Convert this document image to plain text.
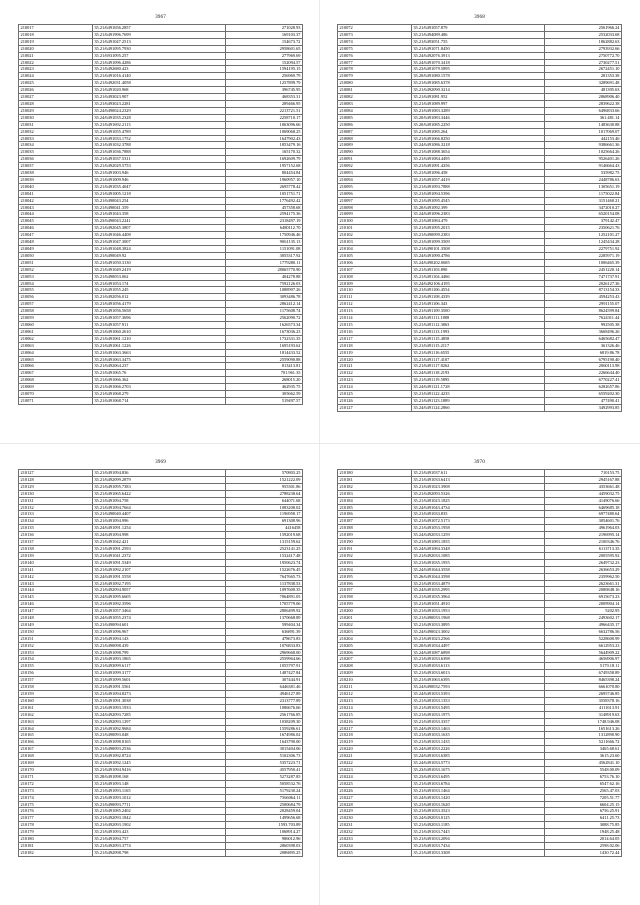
3967
210017	35.21/6491656.2857	271028.93
210018	35.21/6491996.7699	169103.37
210019	35.21/6491047.2513	154673.72
210020	35.21/6491095.7930	2958601.65
210021	35.21/6931095.257	277969.69
210022	35.21/6491096.4286	152094.57
210023	35.21/6492680.423	1594195.15
210024	35.21/6491016.4140	256969.79
210025	35.21/6492031.4058	1257899.79
210026	35.21/6491020.968	396745.95
210027	35.21/6493023.907	468353.31
210028	35.21/6493023.2281	289466.95
210029	35.24/6490024.2329	2213721.51
210030	35.24/6491035.2328	2258710.17
210031	35.21/6491692.2113	1063096.66
210032	35.21/6491055.4789	1069068.25
210033	35.21/6491033.1752	1647902.43
210034	35.21/6491032.3788	1853479.16
210035	35.21/6491036.7888	165170.32
210036	35.21/6491037.5311	1692609.79
210037	35.21/6492029.5753	1957152.68
210038	35.21/6491003.946	804454.84
210039	35.21/6491009.946	1960957.10
210040	35.21/6491035.4047	2695778.42
210041	35.21/6491005.1218	1051751.71
210042	35.21/6490043.254	1776492.42
210043	35.21/6490041.359	457358.68
210044	35.21/6491043.358	2594175.36
210045	35.23/6490043.2241	2318497.19
210046	35.21/6492045.3807	6480112.70
210047	35.21/6491046.4408	1750946.46
210048	35.21/6491047.3007	9061135.13
210049	35.21/6491048.3824	1151091.08
210050	35.21/6490049.92	3055317.92
210051	35.21/6491050.3130	1779280.11
210052	35.21/6491049.2419	28065770.90
210053	35.21/6490053.062	404278.88
210054	35.21/6491053.174	7592126.03
210055	35.21/6491055.245	1088997.26
210056	35.21/6492056.012	3093486.78
210057	35.21/6491056.4179	2862412.14
210058	35.21/6491056.5658	1175608.74
210059	35.21/6491057.3696	2562090.72
210060	35.21/6491057.911	1626573.34
210061	35.21/6491060.2610	1673036.23
210062	35.21/6491061.1210	1732331.35
210063	35.21/6491061.1226	1695193.62
210064	35.21/6491063.3663	1814433.52
210065	35.21/6491063.3475	2559090.88
210066	35.21/6492064.237	813413.81
210067	35.21/6491065.76	701.961.35
210068	35.21/6491066.362	268015.20
210069	35.21/6491066.2703	462935.75
210070	35.21/6491068.279	305662.59
210071	35.21/6491068.714	519497.57
3968
210072	35.21/6491057.879	2561966.24
210073	35.21/6494089.486	2532033.68
210074	35.21/6493051.755	1862882.63
210075	35.21/6491071.8450	2793932.66
210076	35.24/6492076.3913	2750772.70
210077	35.24/6491070.3418	2730277.51
210078	35.23/6491079.5895	2672451.10
210079	35.20/6491080.1578	281353.38
210080	35.21/6491085.6378	3289691.48
210081	35.21/6492090.3214	481395.63
210082	35.21/6491081.952	2868906.40
210083	35.21/6491089.997	2839622.38
210084	35.21/6491083.3289	6496833.66
210085	35.20/6491083.3446	361.481.14
210086	35.20/6491085.2250	1483630.88
210087	35.21/6491085.264	1017069.07
210088	35.21/6491066.8250	442153.46
210089	35.24/6491086.3218	9386661.36
210090	35.21/6491088.3654	1025664.26
210091	35.21/6491084.4495	9526401.26
210092	35.21/6491091.4256	9146664.43
210093	35.21/6491096.458	535982.75
210094	35.21/6491057.4419	2448786.63
210095	35.21/6491093.7888	1305651.19
210096	35.21/6491094.5396	1175022.84
210097	35.21/6491095.4545	3151460.21
210098	35.20/6491092.399	3472010.27
210099	35.24/6491096.2383	6520154.08
210100	35.21/6491084.479	379142.47
210101	35.21/6491095.2015	2350621.76
210102	35.21/6490099.2383	1252101.27
210103	35.21/6491099.3509	1245434.28
210104	35.21/6490101.3508	2279751.92
210105	35.24/6491090.4786	2285971.19
210106	35.24/6490202.0685	1006465.39
210107	35.21/6491103.890	2451220.14
210108	35.21/6491104.4466	7471737.91
210109	35.24/6492106.4195	2026127.36
210110	35.21/6491106.4554	8713154.33
210111	35.21/6491108.4339	4594253.43
210112	35.21/6491106.343	2991155.07
210113	35.21/6491109.3500	8624599.84
210114	35.24/6491111.1888	7624311.44
210115	35.21/6491112.3863	992505.38
210116	35.21/6491113.1993	3668496.26
210117	35.21/6491115.4858	6465682.47
210118	35.21/6491115.2117	361326.46
210119	35.21/6491116.6555	6819.86.78
210120	35.21/6491117.4107	6795190.40
210121	35.21/6491117.8262	2060113.98
210122	35.24/6491118.2193	2266644.40
210123	35.21/6491119.5895	6770227.41
210124	35.24/6491121.1728	6282657.86
210125	35.21/6491122.4235	6559202.30
210126	35.21/6491123.1889	477490.41
210127	35.24/6491124.2866	3492993.85
3969
210127	35.21/6491094.836	570803.25
210128	35.21/6492099.2879	1521222.09
210129	35.21/6491095.7383	955301.86
210130	35.21/6491065.6422	2788238.64
210131	35.21/6491094.758	644071.68
210132	35.21/6491094.7664	1083208.02
210133	35.21/6490040.4407	1196958.17
210134	35.21/6491094.996	691308.96
210135	35.24/6491091.1254	4416458
210136	35.24/6491094.998	1592019.68
210137	35.21/6491042.421	1315159.62
210138	35.21/6491091.2593	2523141.25
210139	35.21/6491041.2372	1532417.48
210140	35.21/6491091.5349	1950623.74
210141	35.21/6491092.2107	1522676.45
210142	35.24/6491091.5558	7647665.73
210143	35.21/6491092.7195	1137838.53
210144	35.21/6492094.9057	1097600.35
210145	35.24/6491095.6605	7064891.05
210146	35.21/6491092.3596	1705779.06
210147	35.21/6491057.3464	2806499.92
210148	35.24/6491055.2374	1370668.89
210149	35.21/6490094.601	599404.34
210150	35.21/6491096.967	636891.39
210151	35.21/6491094.143	478673.83
210152	35.21/6490098.439	1076833.83
210153	35.21/6491098.799	2969668.00
210154	35.21/6491093.1865	2559964.66
210155	35.21/6493099.6117	1055797.91
210156	35.21/6491099.3177	1487427.84
210157	35.21/6491099.5601	307444.91
210158	35.21/6491091.5561	6446381.46
210159	35.21/6491094.8273	4946127.89
210160	35.21/6491091.3038	2313777.89
210161	35.21/6491093.1933	1086676.66
210162	35.24/6492093.7285	2561766.85
210163	35.21/6492093.1297	1038209.30
210164	35.21/6491092.9684	1559286.61
210165	35.21/6490093.048	1674986.02
210166	35.21/6491098.8165	1643790.00
210167	35.21/6490093.2536	3015404.06
210168	35.21/6491092.8724	5102306.73
210169	35.21/6491092.1245	5357223.71
210170	35.21/6491094.9416	4557950.41
210171	35.28/6491098.168	5273287.85
210172	35.21/6491093.148	5058532.76
210173	35.21/6491093.1165	5179230.24
210174	35.21/6491093.1012	7566064.11
210175	35.21/6490093.7711	2500684.79
210176	35.21/6491085.2402	2028459.04
210177	35.21/6492093.1842	1499656.68
210178	35.21/6492093.1902	1593.703.89
210179	35.21/6491093.423	1068914.27
210180	35.21/6491094.757	986012.96
210181	35.21/6492093.3774	2860398.03
210182	35.21/6492098.798	2086895.25
3970
210180	35.21/6491037.611	710153.75
210181	35.21/6491033.6413	2945167.88
210182	35.21/6491023.3908	4353661.48
210183	35.21/6492093.5326	4459032.75
210184	35.21/6491023.1825	4149076.66
210185	35.24/6491043.4734	6469685.18
210186	35.21/6491033.835	6977480.64
210187	35.21/6491072.5173	3054601.76
210188	35.21/6491053.1958	4961964.03
210189	35.24/6492033.1259	2196995.14
210190	35.21/6491083.1855	2100346.76
210191	35.24/6491084.3348	6113713.35
210192	35.21/6492033.1085	2005595.92
210193	35.21/6491035.1955	2649732.23
210194	35.24/6491044.3558	2636653.29
210195	35.26/6491044.3598	2359962.50
210196	35.21/6491033.4879	2623661.31
210197	35.24/6491035.2995	2080848.16
210198	35.21/6491035.3964	6915673.23
210199	35.21/6491051.4910	2009904.14
210200	35.21/6491033.1953	5202.95
210201	35.21/6490033.1968	2493602.17
210202	35.21/6491033.3895	4966435.17
210203	35.24/6490023.3002	6632786.56
210204	35.21/6491023.2566	5228600.99
210205	35.20/6491034.4497	6612953.23
210206	35.24/6491087.6898	5644909.22
210207	35.21/6491033.6398	4656906.97
210208	35.21/6491033.6113	5179.18.11
210209	35.21/6491033.6013	6749358.89
210210	35.21/6491063.6395	8465398.24
210211	35.24/6490032.7593	6661070.80
210212	35.24/6491033.5393	2695746.85
210213	35.21/6491033.1353	3558378.16
210214	35.21/6491033.5495	4111613.91
210215	35.21/6491033.1975	3148919.63
210216	35.21/6491033.3357	1748.946.08
210217	35.24/6491033.1463	1651613.26
210218	35.21/6491033.1635	1312890.90
210219	35.21/6491033.1435	5211666.72
210220	35.24/6491033.2226	3465.68.61
210221	35.24/6491033.6385	3615.23.60
210222	35.24/6491033.5773	4562841.10
210223	35.23/6491033.1675	5548.00.09
210224	35.23/6491033.6495	6753.76.10
210225	35.21/6491033.6784	6547.62.16
210226	35.21/6491033.1464	2565.47.03
210227	35.24/6491033.1420	7205.51.77
210228	35.21/6491033.1620	6604.25.15
210229	35.21/6491033.3523	6756.25.91
210230	35.24/6492033.0125	6411.25.73
210231	35.21/6492033.1185	3088.75.85
210232	35.21/6491033.7445	1948.25.48
210233	35.21/6491033.2094	2014.64.05
210234	35.21/6491033.7434	2598.02.06
210235	35.21/6491033.3308	1430.72.44
